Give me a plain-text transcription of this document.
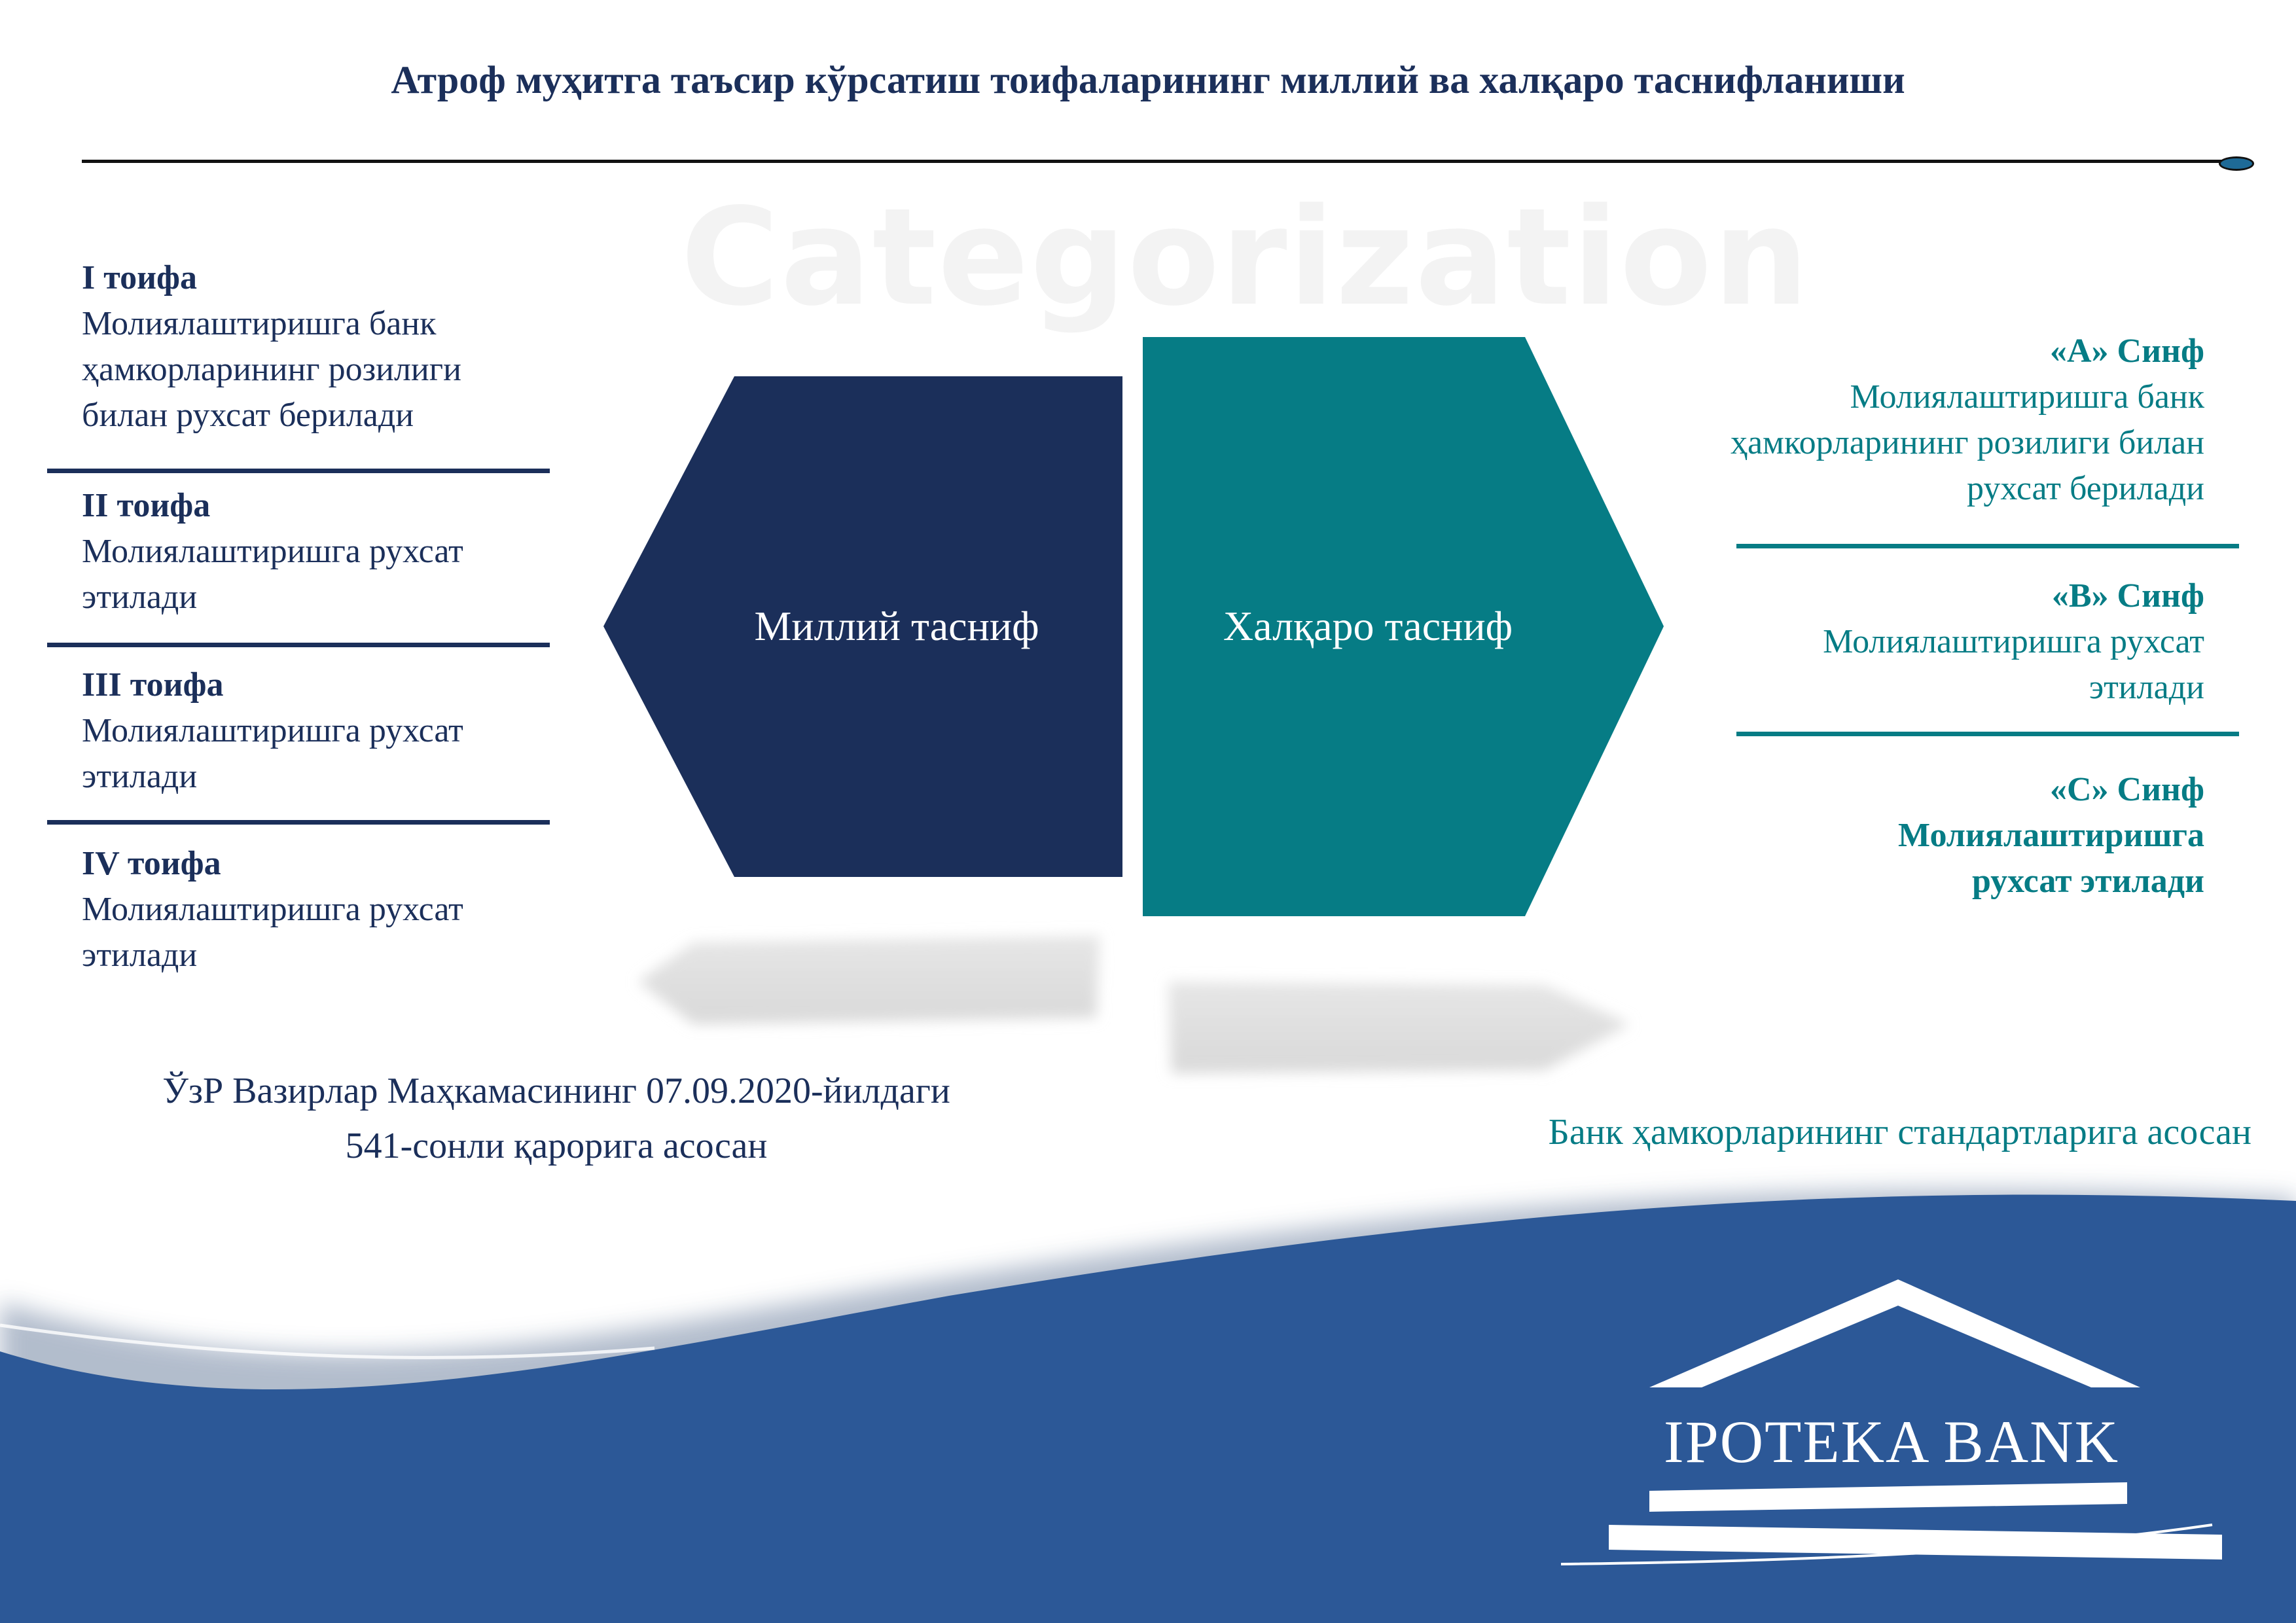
Атроф муҳитга таъсир кўрсатиш тоифаларининг миллий ва халқаро таснифланиши
Categorization
I тоифа
Молиялаштиришга банк ҳамкорларининг розилиги билан рухсат берилади
II тоифа
Молиялаштиришга рухсат этилади
III тоифа
Молиялаштиришга рухсат этилади
IV тоифа
Молиялаштиришга рухсат этилади
«А» Синф
Молиялаштиришга банк ҳамкорларининг розилиги билан рухсат берилади
«В» Синф
Молиялаштиришга рухсат этилади
«С» Синф
Молиялаштиришга рухсат этилади
Миллий тасниф	Халқаро тасниф
ЎзР Вазирлар Маҳкамасининг 07.09.2020-йилдаги
541-сонли қарорига асосан	Банк ҳамкорларининг стандартларига асосан
IPOTEKA BANK
